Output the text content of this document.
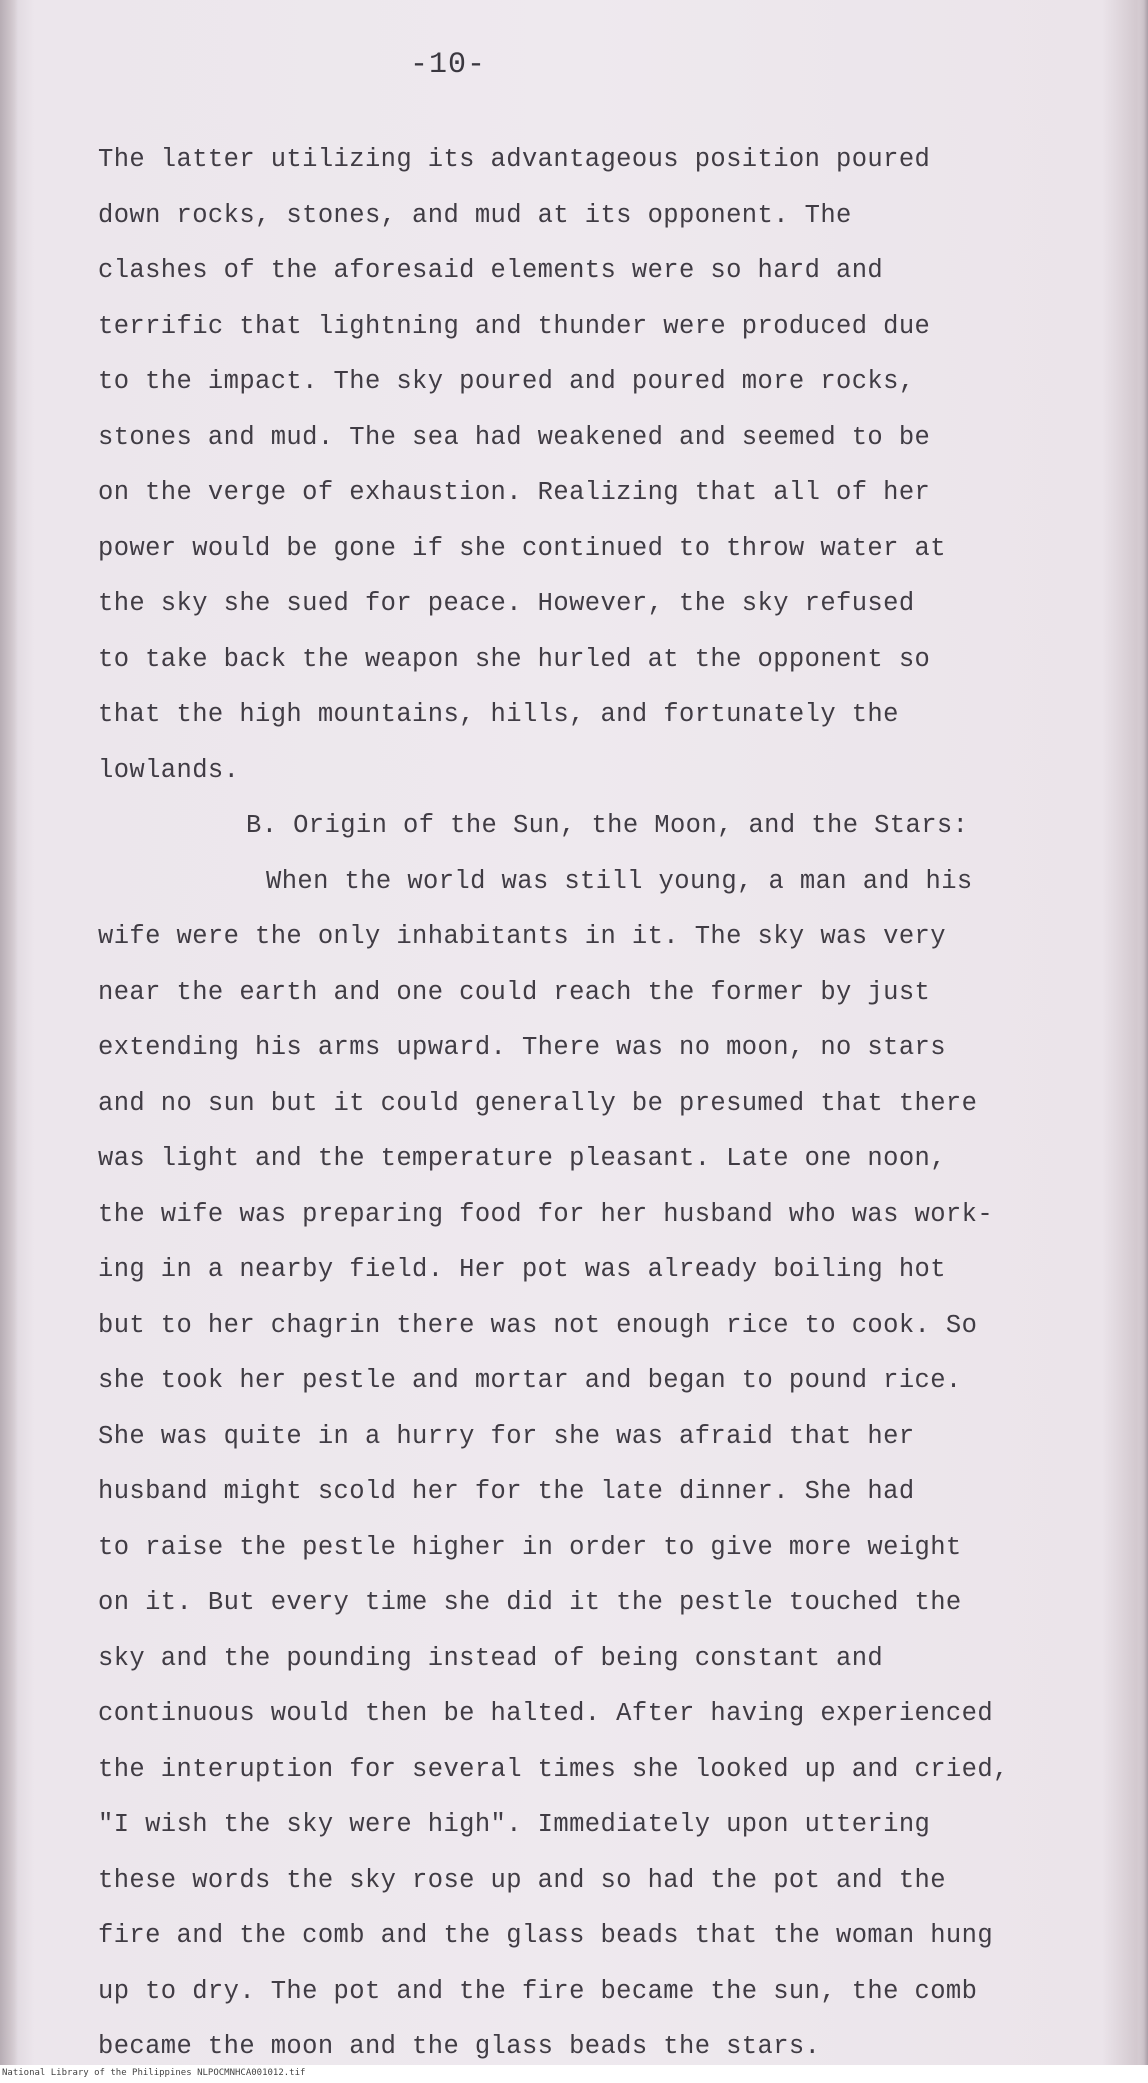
-10-
The latter utilizing its advantageous position poured
down rocks, stones, and mud at its opponent. The
clashes of the aforesaid elements were so hard and
terrific that lightning and thunder were produced due
to the impact. The sky poured and poured more rocks,
stones and mud. The sea had weakened and seemed to be
on the verge of exhaustion. Realizing that all of her
power would be gone if she continued to throw water at
the sky she sued for peace. However, the sky refused
to take back the weapon she hurled at the opponent so
that the high mountains, hills, and fortunately the
lowlands.
B. Origin of the Sun, the Moon, and the Stars:
When the world was still young, a man and his
wife were the only inhabitants in it. The sky was very
near the earth and one could reach the former by just
extending his arms upward. There was no moon, no stars
and no sun but it could generally be presumed that there
was light and the temperature pleasant. Late one noon,
the wife was preparing food for her husband who was work-
ing in a nearby field. Her pot was already boiling hot
but to her chagrin there was not enough rice to cook. So
she took her pestle and mortar and began to pound rice.
She was quite in a hurry for she was afraid that her
husband might scold her for the late dinner. She had
to raise the pestle higher in order to give more weight
on it. But every time she did it the pestle touched the
sky and the pounding instead of being constant and
continuous would then be halted. After having experienced
the interuption for several times she looked up and cried,
"I wish the sky were high". Immediately upon uttering
these words the sky rose up and so had the pot and the
fire and the comb and the glass beads that the woman hung
up to dry. The pot and the fire became the sun, the comb
became the moon and the glass beads the stars.
National Library of the Philippines NLPOCMNHCA001012.tif
